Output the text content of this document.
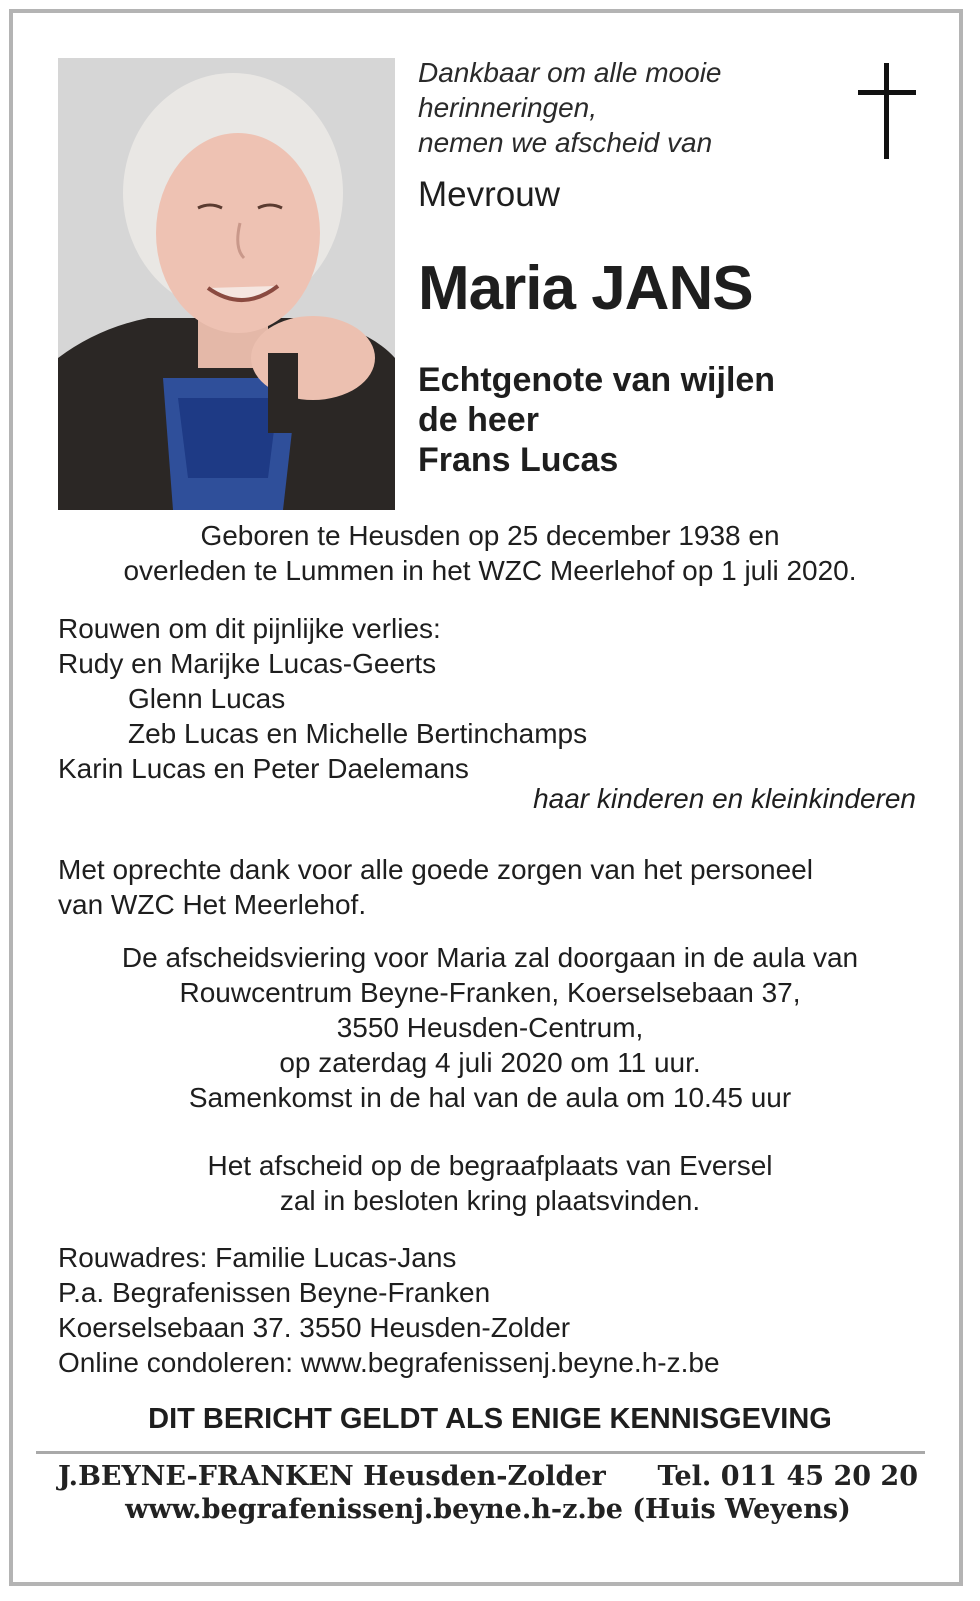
Dankbaar om alle mooie
herinneringen,
nemen we afscheid van
Mevrouw
Maria JANS
Echtgenote van wijlen
de heer
Frans Lucas
Geboren te Heusden op 25 december 1938 en
overleden te Lummen in het WZC Meerlehof op 1 juli 2020.
Rouwen om dit pijnlijke verlies:
Rudy en Marijke Lucas-Geerts
Glenn Lucas
Zeb Lucas en Michelle Bertinchamps
Karin Lucas en Peter Daelemans
haar kinderen en kleinkinderen
Met oprechte dank voor alle goede zorgen van het personeel
van WZC Het Meerlehof.
De afscheidsviering voor Maria zal doorgaan in de aula van
Rouwcentrum Beyne-Franken, Koerselsebaan 37,
3550 Heusden-Centrum,
op zaterdag 4 juli 2020 om 11 uur.
Samenkomst in de hal van de aula om 10.45 uur
Het afscheid op de begraafplaats van Eversel
zal in besloten kring plaatsvinden.
Rouwadres: Familie Lucas-Jans
P.a. Begrafenissen Beyne-Franken
Koerselsebaan 37. 3550 Heusden-Zolder
Online condoleren: www.begrafenissenj.beyne.h-z.be
DIT BERICHT GELDT ALS ENIGE KENNISGEVING
J.BEYNE-FRANKEN Heusden-Zolder Tel. 011 45 20 20
www.begrafenissenj.beyne.h-z.be (Huis Weyens)
